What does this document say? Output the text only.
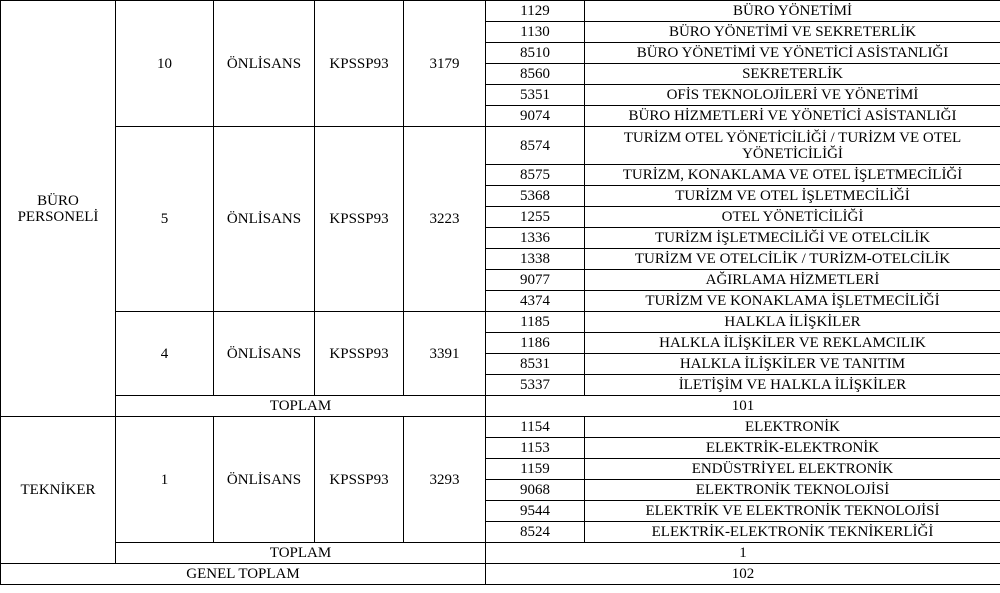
BÜRO PERSONELİ	10	ÖNLİSANS	KPSSP93	3179	1129	BÜRO YÖNETİMİ
					1130	BÜRO YÖNETİMİ VE SEKRETERLİK
					8510	BÜRO YÖNETİMİ VE YÖNETİCİ ASİSTANLIĞI
					8560	SEKRETERLİK
					5351	OFİS TEKNOLOJİLERİ VE YÖNETİMİ
					9074	BÜRO HİZMETLERİ VE YÖNETİCİ ASİSTANLIĞI
	5	ÖNLİSANS	KPSSP93	3223	8574	TURİZM OTEL YÖNETİCİLİĞİ / TURİZM VE OTEL YÖNETİCİLİĞİ
					8575	TURİZM, KONAKLAMA VE OTEL İŞLETMECİLİĞİ
					5368	TURİZM VE OTEL İŞLETMECİLİĞİ
					1255	OTEL YÖNETİCİLİĞİ
					1336	TURİZM İŞLETMECİLİĞİ VE OTELCİLİK
					1338	TURİZM VE OTELCİLİK / TURİZM-OTELCİLİK
					9077	AĞIRLAMA HİZMETLERİ
					4374	TURİZM VE KONAKLAMA İŞLETMECİLİĞİ
	4	ÖNLİSANS	KPSSP93	3391	1185	HALKLA İLİŞKİLER
					1186	HALKLA İLİŞKİLER VE REKLAMCILIK
					8531	HALKLA İLİŞKİLER VE TANITIM
					5337	İLETİŞİM VE HALKLA İLİŞKİLER
	TOPLAM				101	
TEKNİKER	1	ÖNLİSANS	KPSSP93	3293	1154	ELEKTRONİK
					1153	ELEKTRİK-ELEKTRONİK
					1159	ENDÜSTRİYEL ELEKTRONİK
					9068	ELEKTRONİK TEKNOLOJİSİ
					9544	ELEKTRİK VE ELEKTRONİK TEKNOLOJİSİ
					8524	ELEKTRİK-ELEKTRONİK TEKNİKERLİĞİ
	TOPLAM				1	
GENEL TOPLAM					102	
